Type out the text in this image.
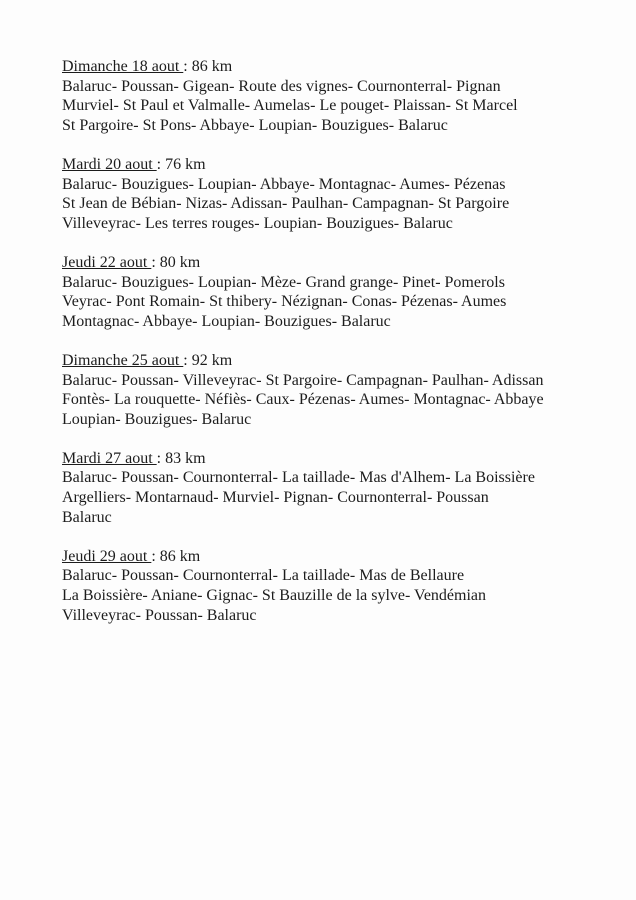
Dimanche 18 aout : 86 km

Balaruc- Poussan- Gigean- Route des vignes- Cournonterral- Pignan

Murviel- St Paul et Valmalle- Aumelas- Le pouget- Plaissan- St Marcel

St Pargoire- St Pons- Abbaye- Loupian- Bouzigues- Balaruc

Mardi 20 aout : 76 km

Balaruc- Bouzigues- Loupian- Abbaye- Montagnac- Aumes- Pézenas

St Jean de Bébian- Nizas- Adissan- Paulhan- Campagnan- St Pargoire

Villeveyrac- Les terres rouges- Loupian- Bouzigues- Balaruc

Jeudi 22 aout : 80 km

Balaruc- Bouzigues- Loupian- Mèze- Grand grange- Pinet- Pomerols

Veyrac- Pont Romain- St thibery- Nézignan- Conas- Pézenas- Aumes

Montagnac- Abbaye- Loupian- Bouzigues- Balaruc

Dimanche 25 aout : 92 km

Balaruc- Poussan- Villeveyrac- St Pargoire- Campagnan- Paulhan- Adissan

Fontès- La rouquette- Néfiès- Caux- Pézenas- Aumes- Montagnac- Abbaye

Loupian- Bouzigues- Balaruc

Mardi 27 aout : 83 km

Balaruc- Poussan- Cournonterral- La taillade- Mas d'Alhem- La Boissière

Argelliers- Montarnaud- Murviel- Pignan- Cournonterral- Poussan

Balaruc

Jeudi 29 aout : 86 km

Balaruc- Poussan- Cournonterral- La taillade- Mas de Bellaure

La Boissière- Aniane- Gignac- St Bauzille de la sylve- Vendémian

Villeveyrac- Poussan- Balaruc
